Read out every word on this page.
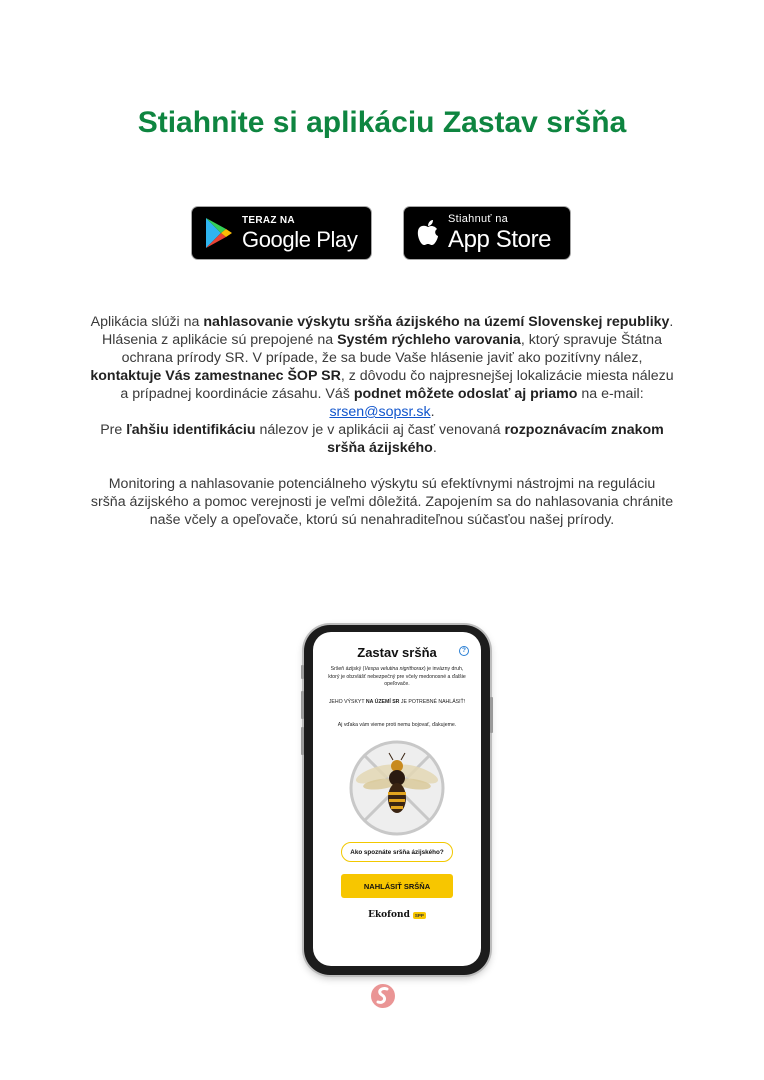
Stiahnite si aplikáciu Zastav sršňa
TERAZ NA
Google Play
Stiahnuť na
App Store
Aplikácia slúži na nahlasovanie výskytu sršňa ázijského na území Slovenskej republiky.
Hlásenia z aplikácie sú prepojené na Systém rýchleho varovania, ktorý spravuje Štátna ochrana prírody SR. V prípade, že sa bude Vaše hlásenie javiť ako pozitívny nález, kontaktuje Vás zamestnanec ŠOP SR, z dôvodu čo najpresnejšej lokalizácie miesta nálezu a prípadnej koordinácie zásahu. Váš podnet môžete odoslať aj priamo na e-mail: srsen@sopsr.sk.
Pre ľahšiu identifikáciu nálezov je v aplikácii aj časť venovaná rozpoznávacím znakom sršňa ázijského.
Monitoring a nahlasovanie potenciálneho výskytu sú efektívnymi nástrojmi na reguláciu sršňa ázijského a pomoc verejnosti je veľmi dôležitá. Zapojením sa do nahlasovania chránite naše včely a opeľovače, ktorú sú nenahraditeľnou súčasťou našej prírody.
Zastav sršňa	?
Sršeň ázijský (Vespa velutina nigrithorax) je invázny druh, ktorý je obzvlášť nebezpečný pre včely medonosné a ďalšie opeľovače.
JEHO VÝSKYT NA ÚZEMÍ SR JE POTREBNÉ NAHLÁSIŤ!
Aj vďaka vám vieme proti nemu bojovať, ďakujeme.
Ako spoznáte sršňa ázijského?
NAHLÁSIŤ SRŠŇA
Ekofond	SPP
